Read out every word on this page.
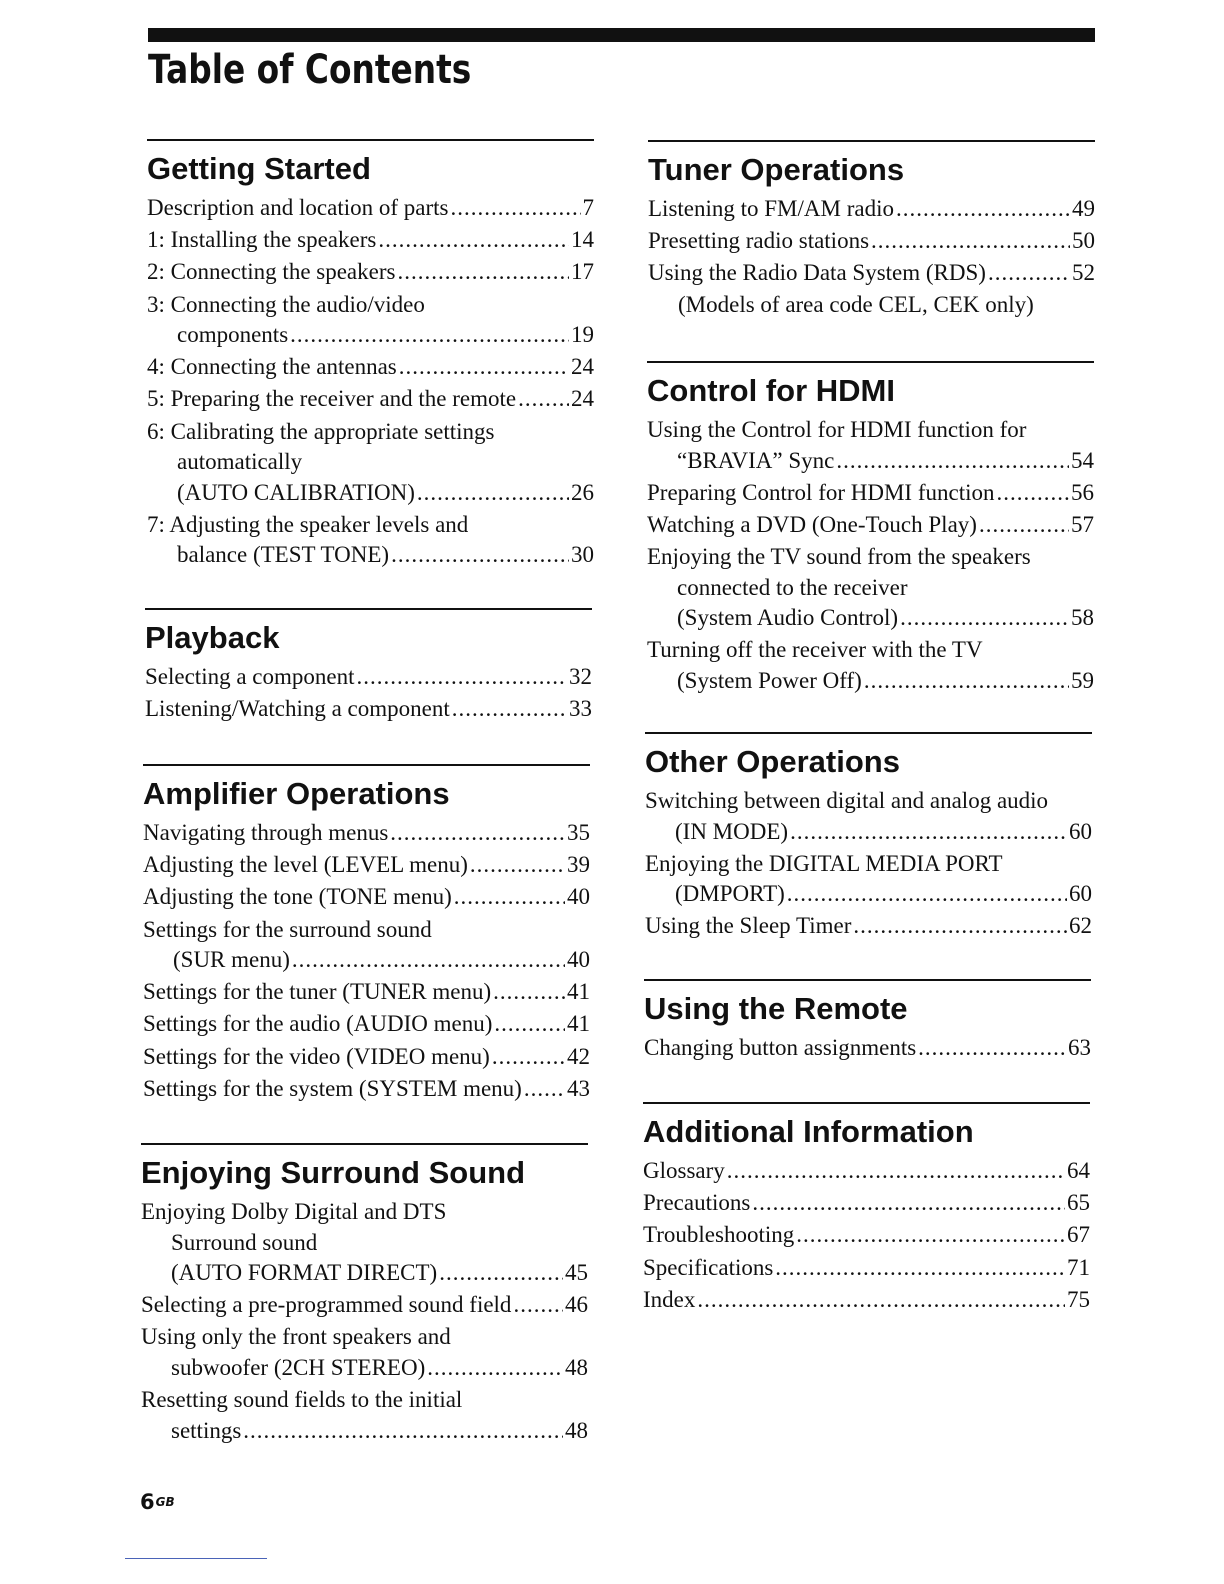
Table of Contents
Getting Started
Description and location of parts .....	7
1: Installing the speakers .....	14
2: Connecting the speakers .....	17
3: Connecting the audio/video
components .....	19
4: Connecting the antennas .....	24
5: Preparing the receiver and the remote ..... 24
6: Calibrating the appropriate settings
automatically
(AUTO CALIBRATION) .....	26
7: Adjusting the speaker levels and
balance (TEST TONE) .....	30
Playback
Selecting a component .....	32
Listening/Watching a component .....	33
Amplifier Operations
Navigating through menus .....	35
Adjusting the level (LEVEL menu) .....	39
Adjusting the tone (TONE menu) .....	40
Settings for the surround sound
(SUR menu) .....	40
Settings for the tuner (TUNER menu) .....	41
Settings for the audio (AUDIO menu) .....	41
Settings for the video (VIDEO menu) .....	42
Settings for the system (SYSTEM menu) ..... 43
Enjoying Surround Sound
Enjoying Dolby Digital and DTS
Surround sound
(AUTO FORMAT DIRECT) .....	45
Selecting a pre-programmed sound field ..... 46
Using only the front speakers and
subwoofer (2CH STEREO) .....	48
Resetting sound fields to the initial
settings .....	48
Tuner Operations
Listening to FM/AM radio .....	49
Presetting radio stations .....	50
Using the Radio Data System (RDS) .....	52
(Models of area code CEL, CEK only)
Control for HDMI
Using the Control for HDMI function for
“BRAVIA” Sync .....	54
Preparing Control for HDMI function .....	56
Watching a DVD (One-Touch Play) .....	57
Enjoying the TV sound from the speakers
connected to the receiver
(System Audio Control) .....	58
Turning off the receiver with the TV
(System Power Off) .....	59
Other Operations
Switching between digital and analog audio
(IN MODE) .....	60
Enjoying the DIGITAL MEDIA PORT
(DMPORT) .....	60
Using the Sleep Timer .....	62
Using the Remote
Changing button assignments .....	63
Additional Information
Glossary .....	64
Precautions .....	65
Troubleshooting .....	67
Specifications .....	71
Index .....	75
$6^{GB}$
